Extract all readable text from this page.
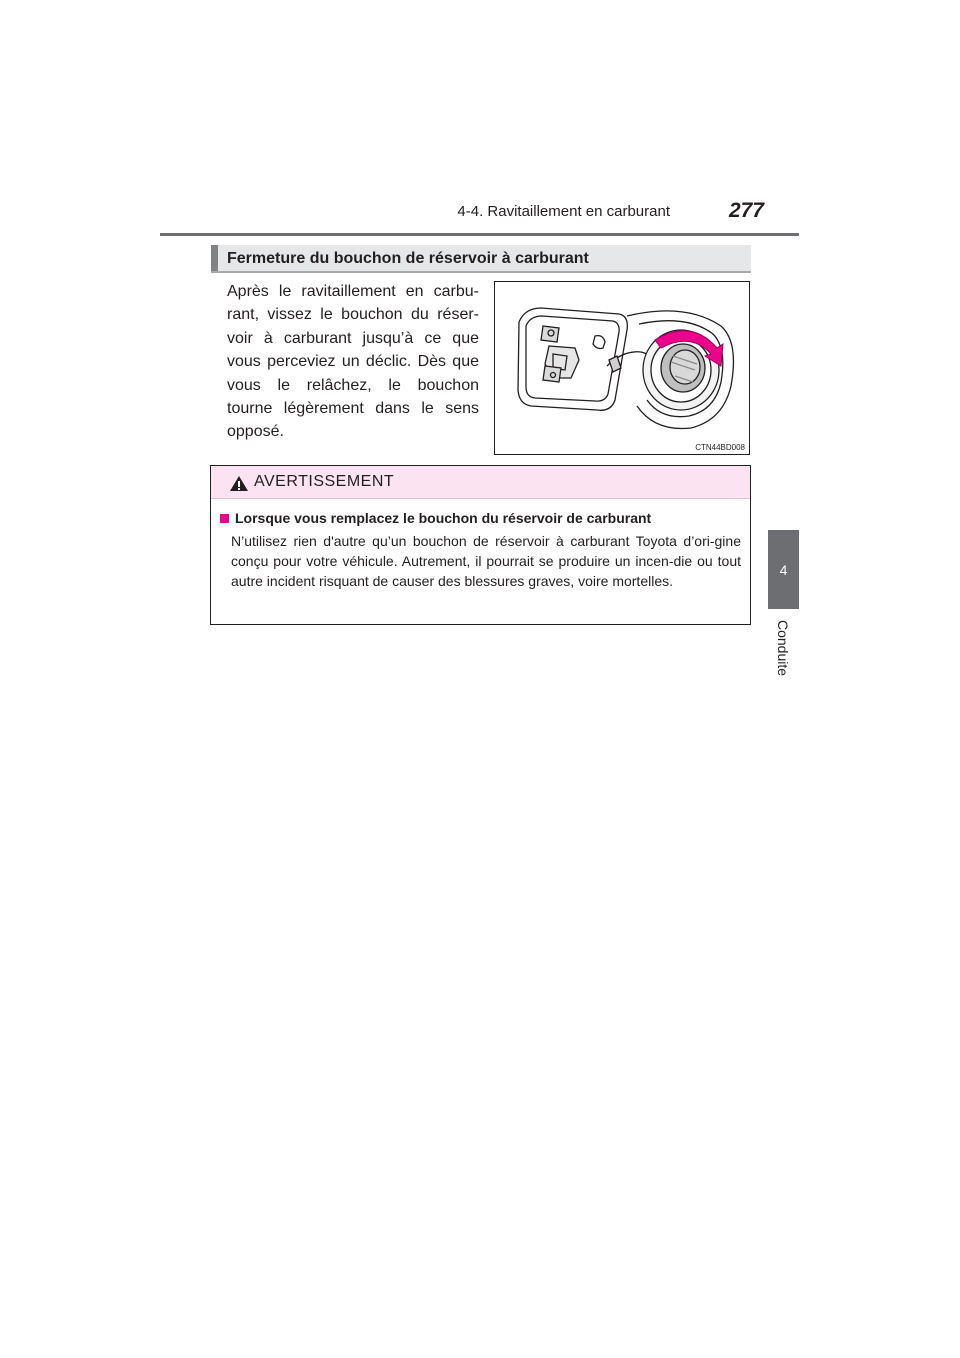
4-4. Ravitaillement en carburant	277
4
Conduite
Fermeture du bouchon de réservoir à carburant
Après le ravitaillement en carbu-rant, vissez le bouchon du réser-voir à carburant jusqu’à ce que vous perceviez un déclic. Dès que vous le relâchez, le bouchon tourne légèrement dans le sens opposé.
CTN44BD008
AVERTISSEMENT
Lorsque vous remplacez le bouchon du réservoir de carburant
N’utilisez rien d'autre qu’un bouchon de réservoir à carburant Toyota d’ori-gine conçu pour votre véhicule. Autrement, il pourrait se produire un incen-die ou tout autre incident risquant de causer des blessures graves, voire mortelles.
